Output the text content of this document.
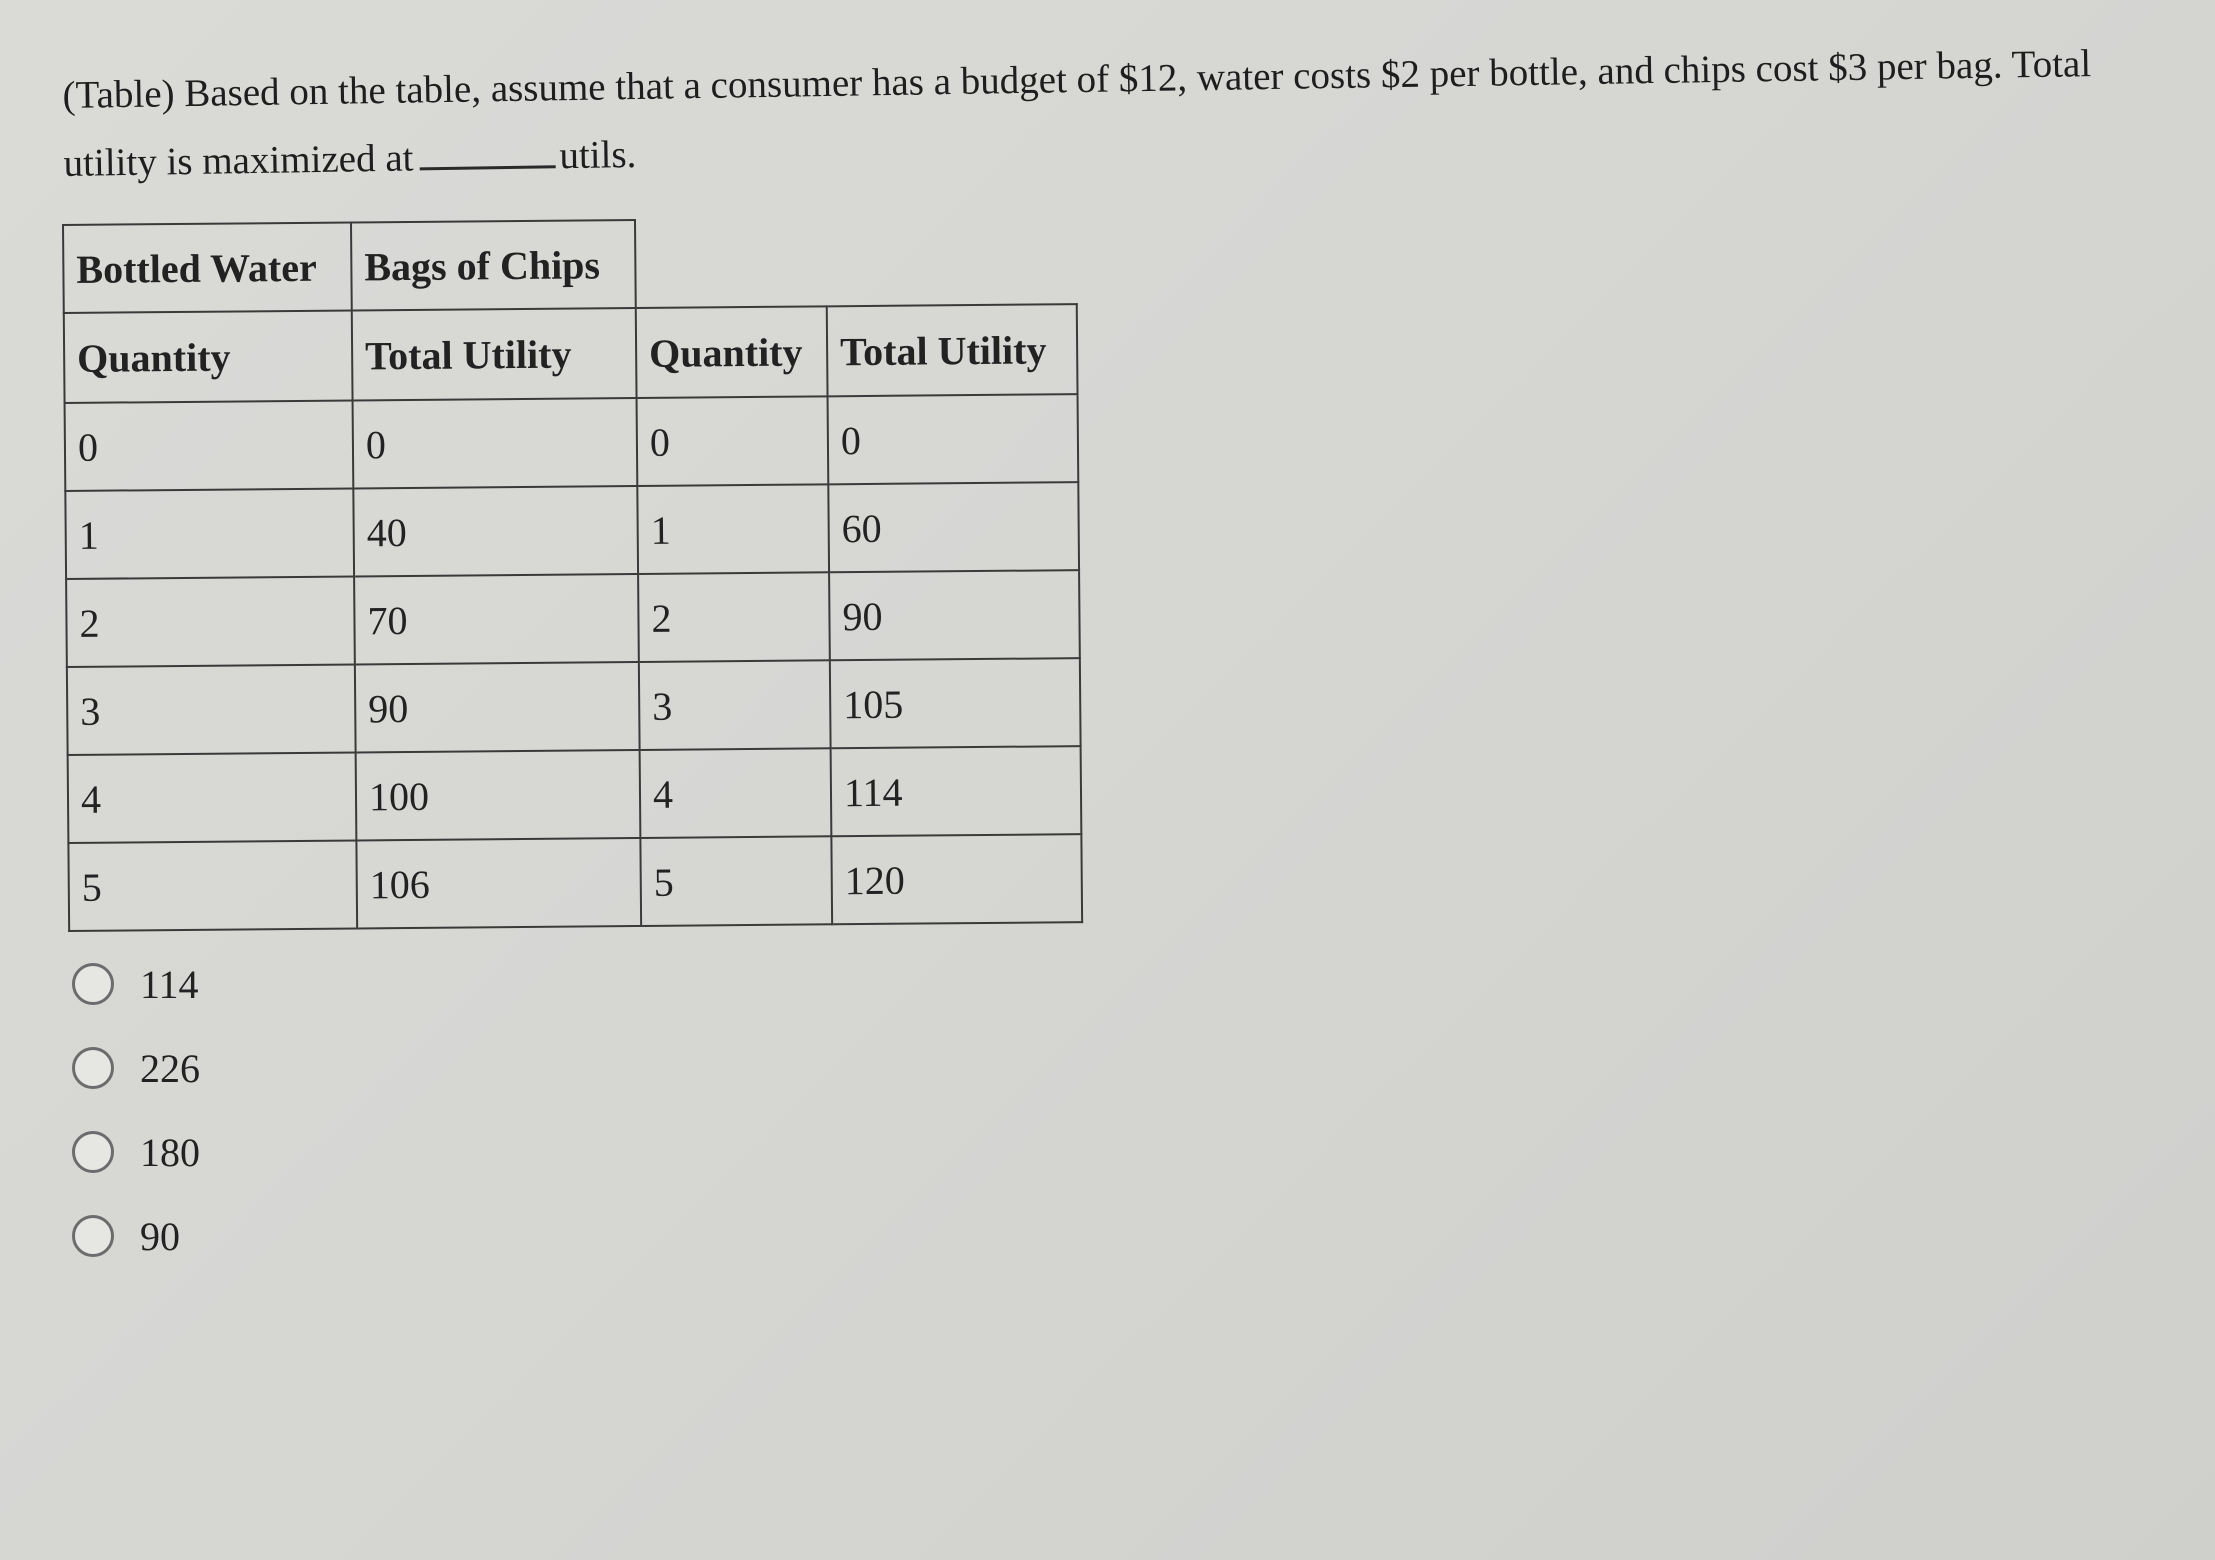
(Table) Based on the table, assume that a consumer has a budget of $12, water costs $2 per bottle, and chips cost $3 per bag. Total utility is maximized at	utils.

Bottled Water	Bags of Chips		
Quantity	Total Utility	Quantity	Total Utility
0	0	0	0
1	40	1	60
2	70	2	90
3	90	3	105
4	100	4	114
5	106	5	120
114
226
180
90
